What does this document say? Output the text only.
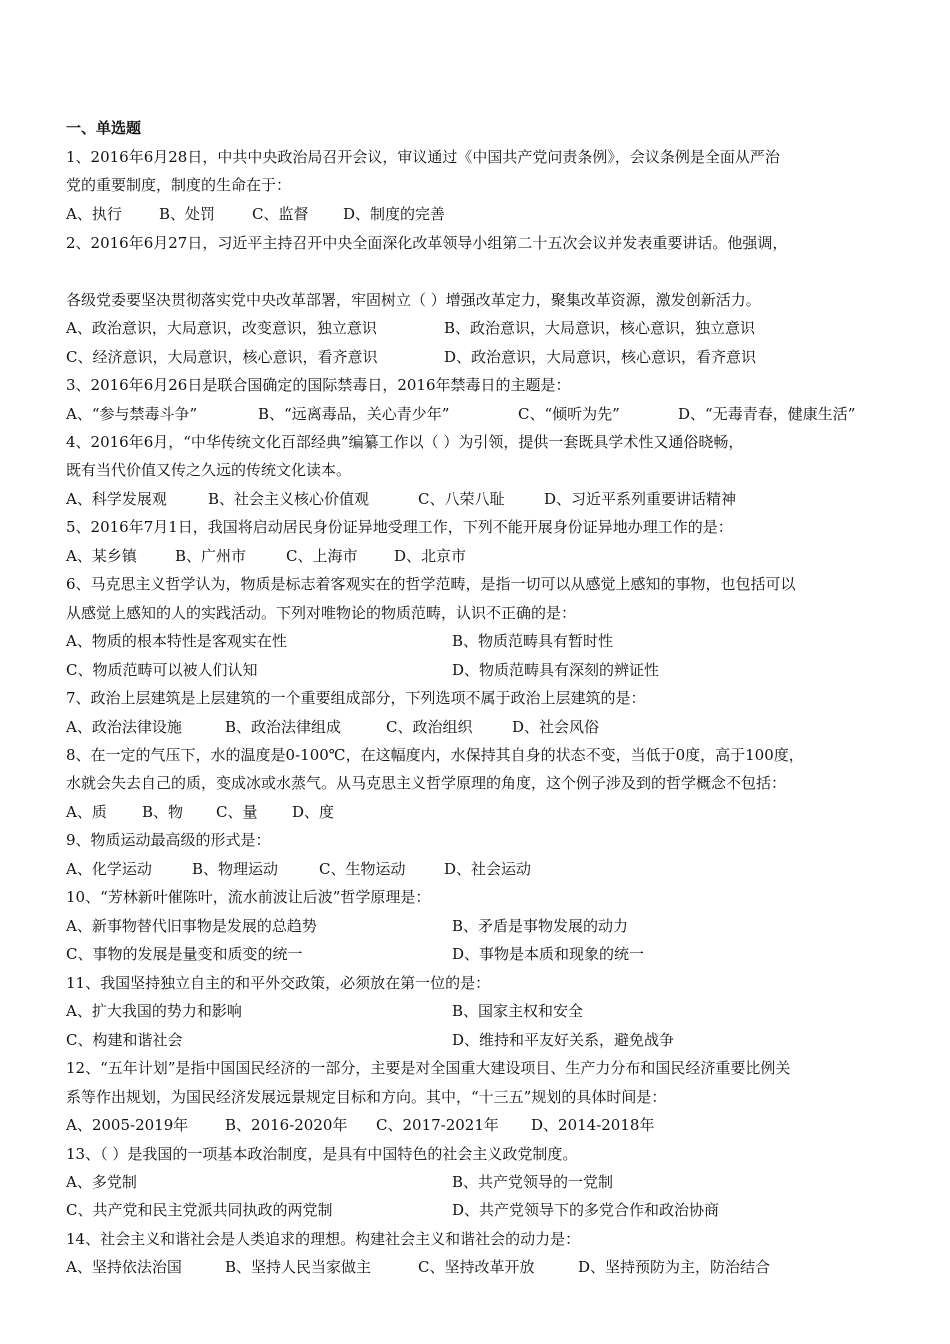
一、单选题
1、2016年6月28日，中共中央政治局召开会议，审议通过《中国共产党问责条例》，会议条例是全面从严治
党的重要制度，制度的生命在于：
A、执行 B、处罚 C、监督 D、制度的完善
2、2016年6月27日，习近平主持召开中央全面深化改革领导小组第二十五次会议并发表重要讲话。他强调，
各级党委要坚决贯彻落实党中央改革部署，牢固树立（ ）增强改革定力，聚集改革资源，激发创新活力。
A、政治意识，大局意识，改变意识，独立意识	B、政治意识，大局意识，核心意识，独立意识
C、经济意识，大局意识，核心意识，看齐意识	D、政治意识，大局意识，核心意识，看齐意识
3、2016年6月26日是联合国确定的国际禁毒日，2016年禁毒日的主题是：
A、“参与禁毒斗争”	B、“远离毒品，关心青少年”	C、“倾听为先”	D、“无毒青春，健康生活”
4、2016年6月，“中华传统文化百部经典”编纂工作以（ ）为引领，提供一套既具学术性又通俗晓畅，
既有当代价值又传之久远的传统文化读本。
A、科学发展观	B、社会主义核心价值观	C、八荣八耻	D、习近平系列重要讲话精神
5、2016年7月1日，我国将启动居民身份证异地受理工作，下列不能开展身份证异地办理工作的是：
A、某乡镇	B、广州市	C、上海市 D、北京市
6、马克思主义哲学认为，物质是标志着客观实在的哲学范畴，是指一切可以从感觉上感知的事物，也包括可以
从感觉上感知的人的实践活动。下列对唯物论的物质范畴，认识不正确的是：
A、物质的根本特性是客观实在性	B、物质范畴具有暂时性
C、物质范畴可以被人们认知	D、物质范畴具有深刻的辨证性
7、政治上层建筑是上层建筑的一个重要组成部分，下列选项不属于政治上层建筑的是：
A、政治法律设施	B、政治法律组成	C、政治组织	D、社会风俗
8、在一定的气压下，水的温度是0-100℃，在这幅度内，水保持其自身的状态不变，当低于0度，高于100度，
水就会失去自己的质，变成冰或水蒸气。从马克思主义哲学原理的角度，这个例子涉及到的哲学概念不包括：
A、质 B、物 C、量 D、度
9、物质运动最高级的形式是：
A、化学运动	B、物理运动	C、生物运动	D、社会运动
10、“芳林新叶催陈叶，流水前波让后波”哲学原理是：
A、新事物替代旧事物是发展的总趋势	B、矛盾是事物发展的动力
C、事物的发展是量变和质变的统一	D、事物是本质和现象的统一
11、我国坚持独立自主的和平外交政策，必须放在第一位的是：
A、扩大我国的势力和影响	B、国家主权和安全
C、构建和谐社会	D、维持和平友好关系，避免战争
12、“五年计划”是指中国国民经济的一部分，主要是对全国重大建设项目、生产力分布和国民经济重要比例关
系等作出规划，为国民经济发展远景规定目标和方向。其中，“十三五”规划的具体时间是：
A、2005-2019年 B、2016-2020年 C、2017-2021年 D、2014-2018年
13、（ ）是我国的一项基本政治制度，是具有中国特色的社会主义政党制度。
A、多党制	B、共产党领导的一党制
C、共产党和民主党派共同执政的两党制	D、共产党领导下的多党合作和政治协商
14、社会主义和谐社会是人类追求的理想。构建社会主义和谐社会的动力是：
A、坚持依法治国	B、坚持人民当家做主	C、坚持改革开放	D、坚持预防为主，防治结合
